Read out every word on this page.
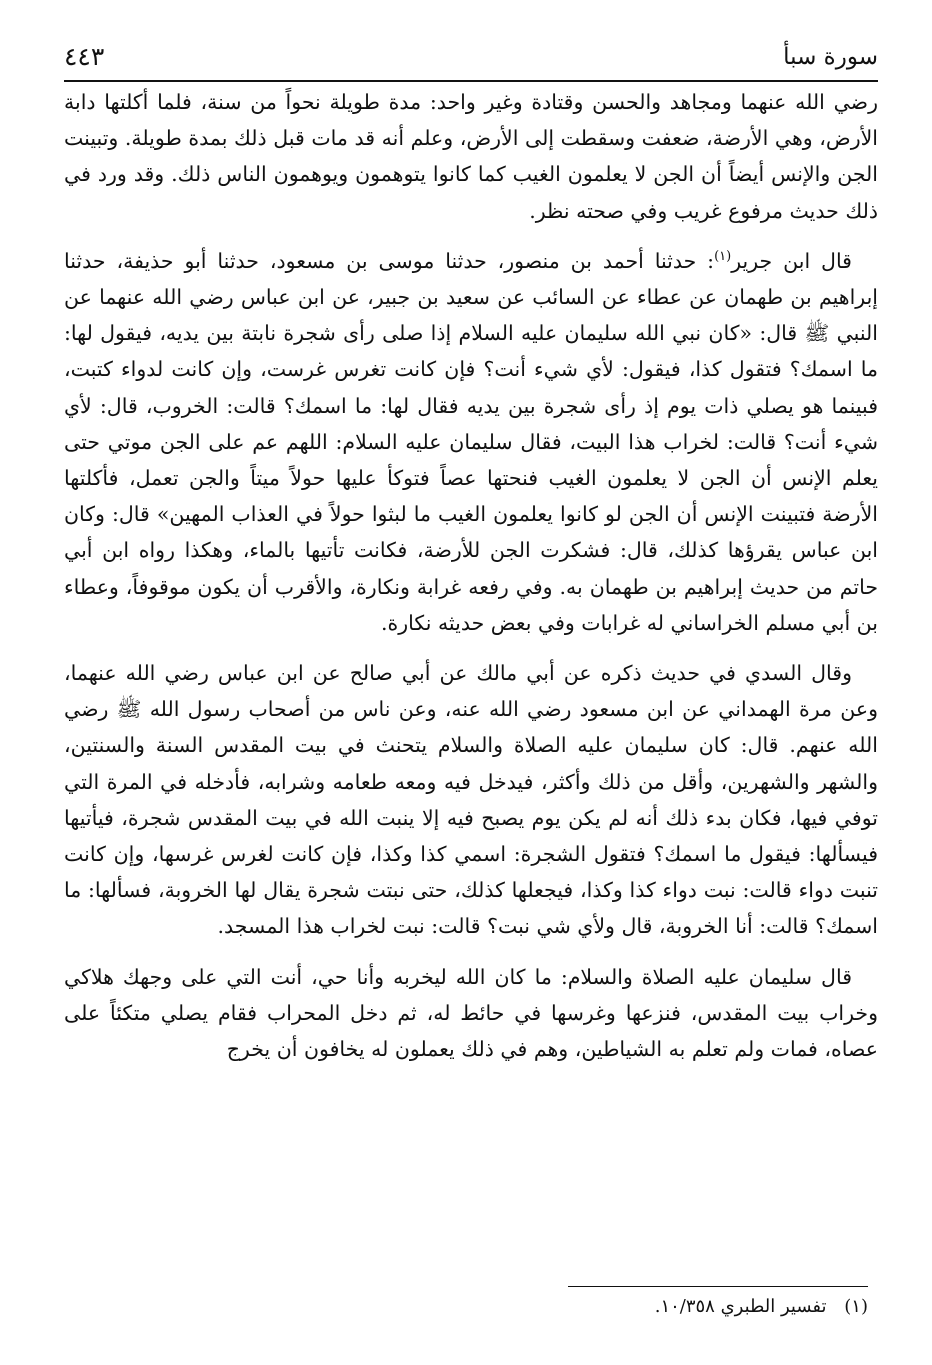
سورة سبأ
٤٤٣

رضي الله عنهما ومجاهد والحسن وقتادة وغير واحد: مدة طويلة نحواً من سنة، فلما أكلتها دابة الأرض، وهي الأرضة، ضعفت وسقطت إلى الأرض، وعلم أنه قد مات قبل ذلك بمدة طويلة. وتبينت الجن والإنس أيضاً أن الجن لا يعلمون الغيب كما كانوا يتوهمون ويوهمون الناس ذلك. وقد ورد في ذلك حديث مرفوع غريب وفي صحته نظر.

قال ابن جرير$^{(١)}$: حدثنا أحمد بن منصور، حدثنا موسى بن مسعود، حدثنا أبو حذيفة، حدثنا إبراهيم بن طهمان عن عطاء عن السائب عن سعيد بن جبير، عن ابن عباس رضي الله عنهما عن النبي ﷺ قال: «كان نبي الله سليمان عليه السلام إذا صلى رأى شجرة نابتة بين يديه، فيقول لها: ما اسمك؟ فتقول كذا، فيقول: لأي شيء أنت؟ فإن كانت تغرس غرست، وإن كانت لدواء كتبت، فبينما هو يصلي ذات يوم إذ رأى شجرة بين يديه فقال لها: ما اسمك؟ قالت: الخروب، قال: لأي شيء أنت؟ قالت: لخراب هذا البيت، فقال سليمان عليه السلام: اللهم عم على الجن موتي حتى يعلم الإنس أن الجن لا يعلمون الغيب فنحتها عصاً فتوكأ عليها حولاً ميتاً والجن تعمل، فأكلتها الأرضة فتبينت الإنس أن الجن لو كانوا يعلمون الغيب ما لبثوا حولاً في العذاب المهين» قال: وكان ابن عباس يقرؤها كذلك، قال: فشكرت الجن للأرضة، فكانت تأتيها بالماء، وهكذا رواه ابن أبي حاتم من حديث إبراهيم بن طهمان به. وفي رفعه غرابة ونكارة، والأقرب أن يكون موقوفاً، وعطاء بن أبي مسلم الخراساني له غرابات وفي بعض حديثه نكارة.

وقال السدي في حديث ذكره عن أبي مالك عن أبي صالح عن ابن عباس رضي الله عنهما، وعن مرة الهمداني عن ابن مسعود رضي الله عنه، وعن ناس من أصحاب رسول الله ﷺ رضي الله عنهم. قال: كان سليمان عليه الصلاة والسلام يتحنث في بيت المقدس السنة والسنتين، والشهر والشهرين، وأقل من ذلك وأكثر، فيدخل فيه ومعه طعامه وشرابه، فأدخله في المرة التي توفي فيها، فكان بدء ذلك أنه لم يكن يوم يصبح فيه إلا ينبت الله في بيت المقدس شجرة، فيأتيها فيسألها: فيقول ما اسمك؟ فتقول الشجرة: اسمي كذا وكذا، فإن كانت لغرس غرسها، وإن كانت تنبت دواء قالت: نبت دواء كذا وكذا، فيجعلها كذلك، حتى نبتت شجرة يقال لها الخروبة، فسألها: ما اسمك؟ قالت: أنا الخروبة، قال ولأي شي نبت؟ قالت: نبت لخراب هذا المسجد.

قال سليمان عليه الصلاة والسلام: ما كان الله ليخربه وأنا حي، أنت التي على وجهك هلاكي وخراب بيت المقدس، فنزعها وغرسها في حائط له، ثم دخل المحراب فقام يصلي متكئاً على عصاه، فمات ولم تعلم به الشياطين، وهم في ذلك يعملون له يخافون أن يخرج

(١) تفسير الطبري ١٠/٣٥٨.
